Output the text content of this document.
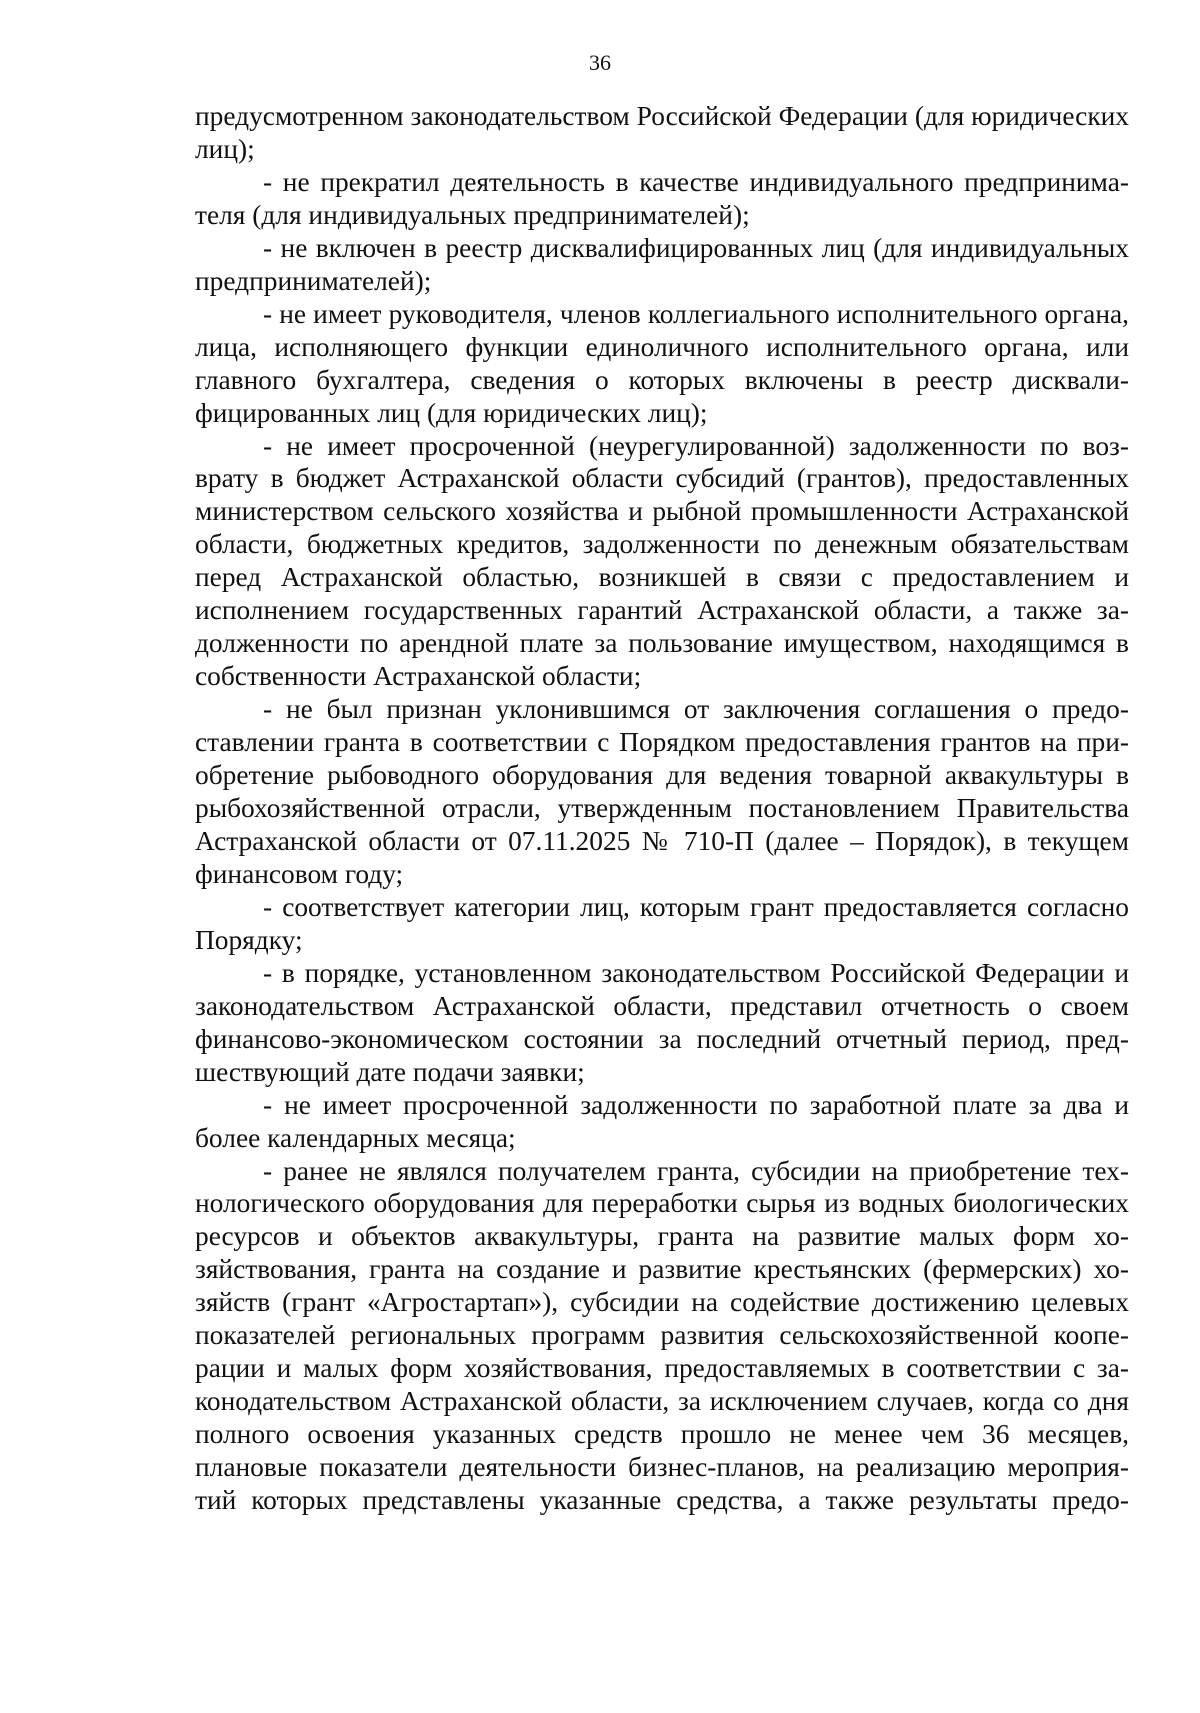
36

предусмотренном законодательством Российской Федерации (для юридических лиц);

- не прекратил деятельность в качестве индивидуального предпринимателя (для индивидуальных предпринимателей);

- не включен в реестр дисквалифицированных лиц (для индивидуальных предпринимателей);

- не имеет руководителя, членов коллегиального исполнительного органа, лица, исполняющего функции единоличного исполнительного органа, или главного бухгалтера, сведения о которых включены в реестр дисквалифицированных лиц (для юридических лиц);

- не имеет просроченной (неурегулированной) задолженности по возврату в бюджет Астраханской области субсидий (грантов), предоставленных министерством сельского хозяйства и рыбной промышленности Астраханской области, бюджетных кредитов, задолженности по денежным обязательствам перед Астраханской областью, возникшей в связи с предоставлением и исполнением государственных гарантий Астраханской области, а также задолженности по арендной плате за пользование имуществом, находящимся в собственности Астраханской области;

- не был признан уклонившимся от заключения соглашения о предоставлении гранта в соответствии с Порядком предоставления грантов на приобретение рыбоводного оборудования для ведения товарной аквакультуры в рыбохозяйственной отрасли, утвержденным постановлением Правительства Астраханской области от 07.11.2025 № 710-П (далее – Порядок), в текущем финансовом году;

- соответствует категории лиц, которым грант предоставляется согласно Порядку;

- в порядке, установленном законодательством Российской Федерации и законодательством Астраханской области, представил отчетность о своем финансово-экономическом состоянии за последний отчетный период, предшествующий дате подачи заявки;

- не имеет просроченной задолженности по заработной плате за два и более календарных месяца;

- ранее не являлся получателем гранта, субсидии на приобретение технологического оборудования для переработки сырья из водных биологических ресурсов и объектов аквакультуры, гранта на развитие малых форм хозяйствования, гранта на создание и развитие крестьянских (фермерских) хозяйств (грант «Агростартап»), субсидии на содействие достижению целевых показателей региональных программ развития сельскохозяйственной кооперации и малых форм хозяйствования, предоставляемых в соответствии с законодательством Астраханской области, за исключением случаев, когда со дня полного освоения указанных средств прошло не менее чем 36 месяцев, плановые показатели деятельности бизнес-планов, на реализацию мероприятий которых представлены указанные средства, а также результаты предо-
